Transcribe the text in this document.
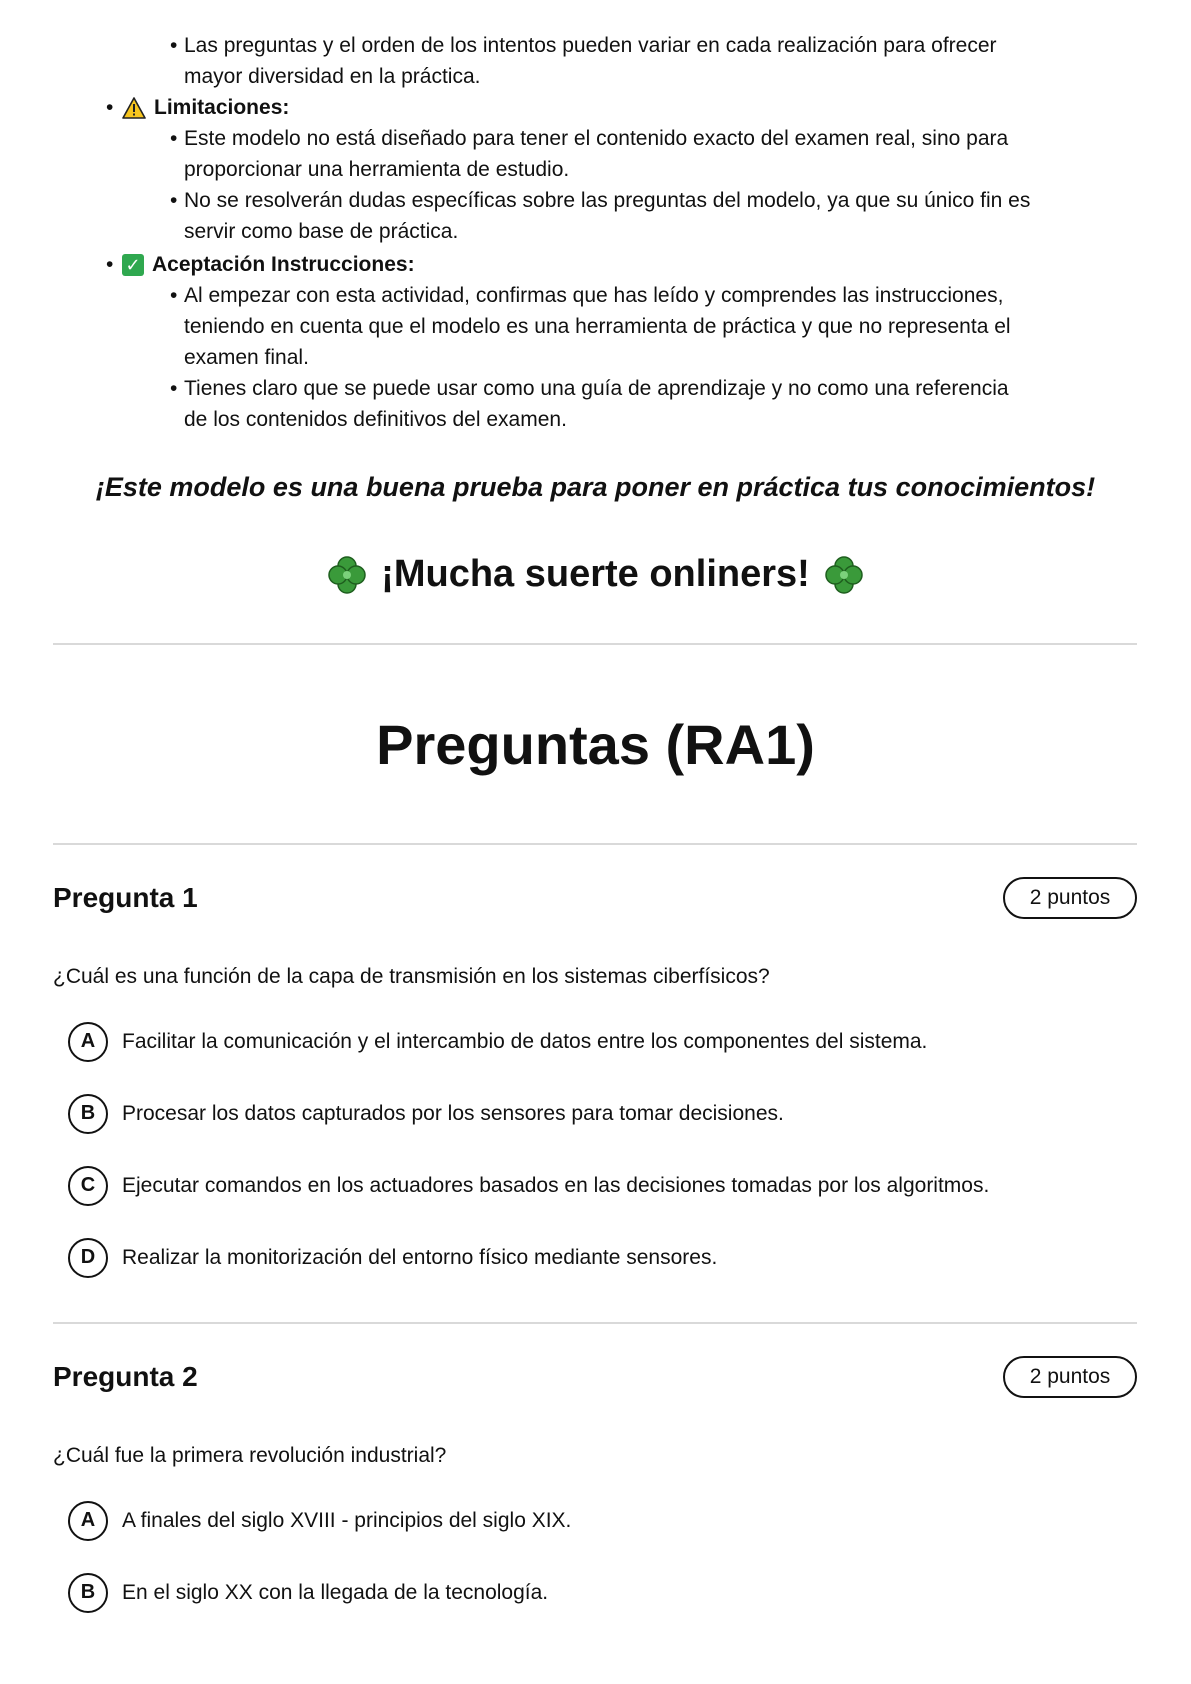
• Las preguntas y el orden de los intentos pueden variar en cada realización para ofrecer
mayor diversidad en la práctica.
• Limitaciones:
• Este modelo no está diseñado para tener el contenido exacto del examen real, sino para
proporcionar una herramienta de estudio.
• No se resolverán dudas específicas sobre las preguntas del modelo, ya que su único fin es
servir como base de práctica.
• ✓ Aceptación Instrucciones:
• Al empezar con esta actividad, confirmas que has leído y comprendes las instrucciones,
teniendo en cuenta que el modelo es una herramienta de práctica y que no representa el
examen final.
• Tienes claro que se puede usar como una guía de aprendizaje y no como una referencia
de los contenidos definitivos del examen.
¡Este modelo es una buena prueba para poner en práctica tus conocimientos!
¡Mucha suerte onliners!
Preguntas (RA1)
Pregunta 1	2 puntos
¿Cuál es una función de la capa de transmisión en los sistemas ciberfísicos?
A	Facilitar la comunicación y el intercambio de datos entre los componentes del sistema.
B	Procesar los datos capturados por los sensores para tomar decisiones.
C	Ejecutar comandos en los actuadores basados en las decisiones tomadas por los algoritmos.
D	Realizar la monitorización del entorno físico mediante sensores.
Pregunta 2	2 puntos
¿Cuál fue la primera revolución industrial?
A	A finales del siglo XVIII - principios del siglo XIX.
B	En el siglo XX con la llegada de la tecnología.
